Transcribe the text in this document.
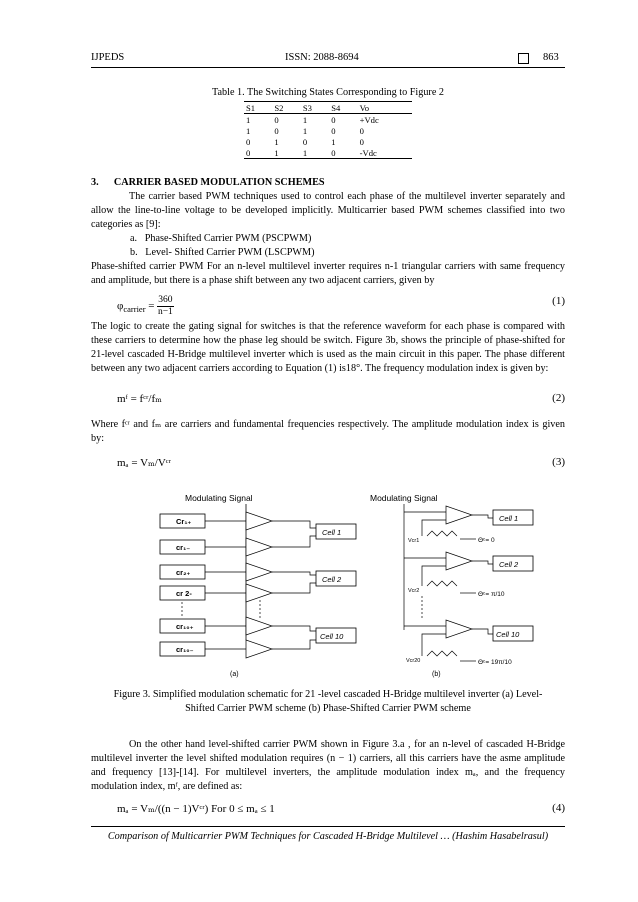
IJPEDS	ISSN: 2088-8694	863
Table 1. The Switching States Corresponding to Figure 2
S1	S2	S3	S4	Vo
1	0	1	0	+Vdc
1	0	1	0	0
0	1	0	1	0
0	1	1	0	-Vdc
3.      CARRIER BASED MODULATION SCHEMES

The carrier based PWM techniques used to control each phase of the multilevel inverter separately and allow the line-to-line voltage to be developed implicitly. Multicarrier based PWM schemes classified into two categories as [9]:

a.   Phase-Shifted Carrier PWM (PSCPWM)
b.   Level- Shifted Carrier PWM (LSCPWM)

Phase-shifted carrier PWM For an n-level multilevel inverter requires n-1 triangular carriers with same frequency and amplitude, but there is a phase shift between any two adjacent carriers, given by

$\varphi_{carrier} = \frac{360}{n-1}$	(1)

The logic to create the gating signal for switches is that the reference waveform for each phase is compared with these carriers to determine how the phase leg should be switch. Figure 3b, shows the principle of phase-shifted for 21-level cascaded H-Bridge multilevel inverter which is used as the main circuit in this paper. The phase different between any two adjacent carriers according to Equation (1) is18°. The frequency modulation index is given by:

mᶠ = fᶜʳ/fₘ	(2)

Where fᶜʳ and fₘ are carriers and fundamental frequencies respectively. The amplitude modulation index is given by:

mₐ = Vₘ/Vᶜʳ	(3)
Modulating Signal
Cr₁₊
cr₁₋
cr₂₊
cr 2-
cr₁₀₊
cr₁₀₋
Cell 1
Cell 2
Cell 10
(a)
Modulating Signal
Cell 1
Cell 2
Cell 10
Vcr1
Vcr2
Vcr20
Θᶜ= 0
Θᶜ= π/10
Θᶜ= 19π/10
(b)
Figure 3. Simplified modulation schematic for 21 -level cascaded H-Bridge multilevel inverter (a) Level-Shifted Carrier PWM scheme (b) Phase-Shifted Carrier PWM scheme

On the other hand level-shifted carrier PWM shown in Figure 3.a , for an n-level of cascaded H-Bridge multilevel inverter the level shifted modulation requires (n − 1) carriers, all this carriers have the asme amplitude and frequency [13]-[14]. For multilevel inverters, the amplitude modulation index mₐ, and the frequency modulation index, mᶠ, are defined as:

mₐ = Vₘ/((n − 1)Vᶜʳ) For 0 ≤ mₐ ≤ 1	(4)
Comparison of Multicarrier PWM Techniques for Cascaded H-Bridge Multilevel … (Hashim Hasabelrasul)
